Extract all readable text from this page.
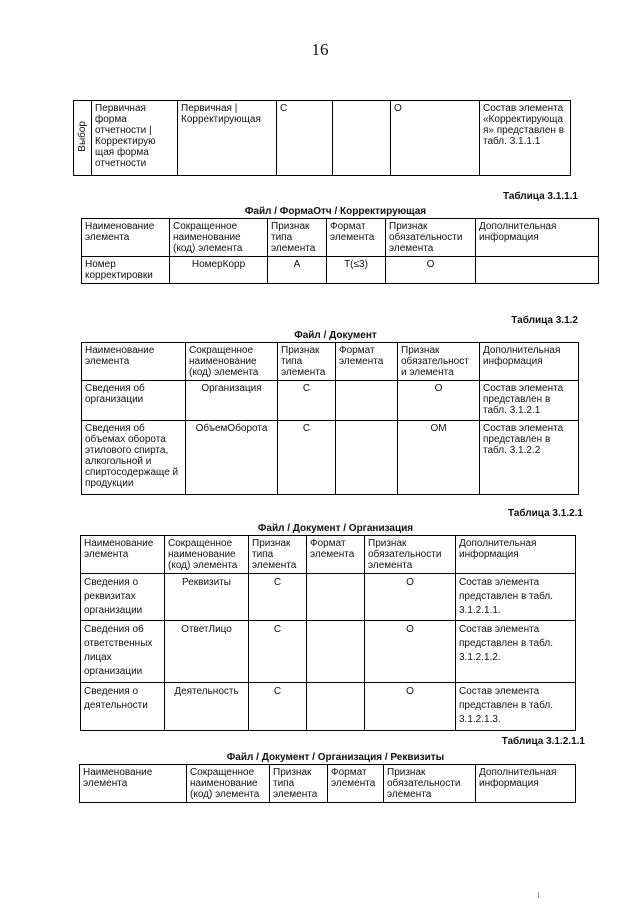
16
Выбор	Первичная форма отчетности | Корректирую щая форма отчетности	Первичная | Корректирующая	С		О	Состав элемента «Корректирующа я» представлен в табл. 3.1.1.1
Таблица 3.1.1.1
Файл / ФормаОтч / Корректирующая
Наименование элемента	Сокращенное наименование (код) элемента	Признак типа элемента	Формат элемента	Признак обязательности элемента	Дополнительная информация
Номер корректировки	НомерКорр	А	T(≤3)	О	
Таблица 3.1.2
Файл / Документ
Наименование элемента	Сокращенное наименование (код) элемента	Признак типа элемента	Формат элемента	Признак обязательност и элемента	Дополнительная информация
Сведения об организации	Организация	С		О	Состав элемента представлен в табл. 3.1.2.1
Сведения об объемах оборота этилового спирта, алкогольной и спиртосодержаще й продукции	ОбъемОборота	С		ОМ	Состав элемента представлен в табл. 3.1.2.2
Таблица 3.1.2.1
Файл / Документ / Организация
Наименование элемента	Сокращенное наименование (код) элемента	Признак типа элемента	Формат элемента	Признак обязательности элемента	Дополнительная информация
Сведения о реквизитах организации	Реквизиты	С		О	Состав элемента представлен в табл. 3.1.2.1.1.
Сведения об ответственных лицах организации	ОтветЛицо	С		О	Состав элемента представлен в табл. 3.1.2.1.2.
Сведения о деятельности	Деятельность	С		О	Состав элемента представлен в табл. 3.1.2.1.3.
Таблица 3.1.2.1.1
Файл / Документ / Организация / Реквизиты
Наименование элемента	Сокращенное наименование (код) элемента	Признак типа элемента	Формат элемента	Признак обязательности элемента	Дополнительная информация
